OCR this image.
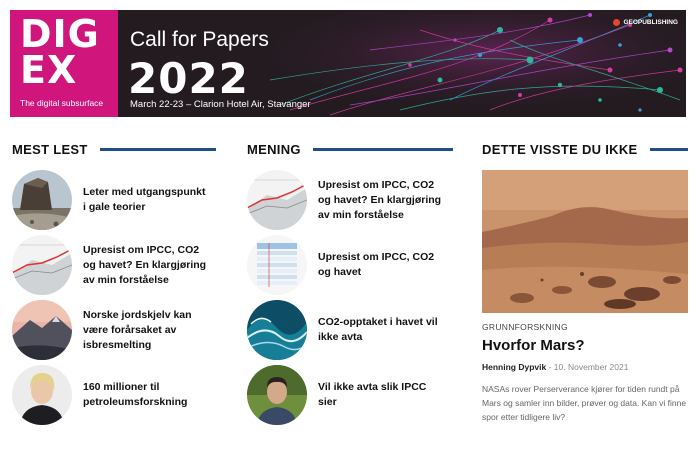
DIG
EX
The digital subsurface
Call for Papers
2022
March 22-23 – Clarion Hotel Air, Stavanger
GEOPUBLISHING
MEST LEST
Leter med utgangspunkt i gale teorier
Upresist om IPCC, CO2 og havet? En klargjøring av min forståelse
Norske jordskjelv kan være forårsaket av isbresmelting
160 millioner til petroleumsforskning
MENING
Upresist om IPCC, CO2 og havet? En klargjøring av min forståelse
Upresist om IPCC, CO2 og havet
CO2-opptaket i havet vil ikke avta
Vil ikke avta slik IPCC sier
DETTE VISSTE DU IKKE
GRUNNFORSKNING
Hvorfor Mars?
Henning Dypvik - 10. November 2021
NASAs rover Perserverance kjører for tiden rundt på Mars og samler inn bilder, prøver og data. Kan vi finne spor etter tidligere liv?
